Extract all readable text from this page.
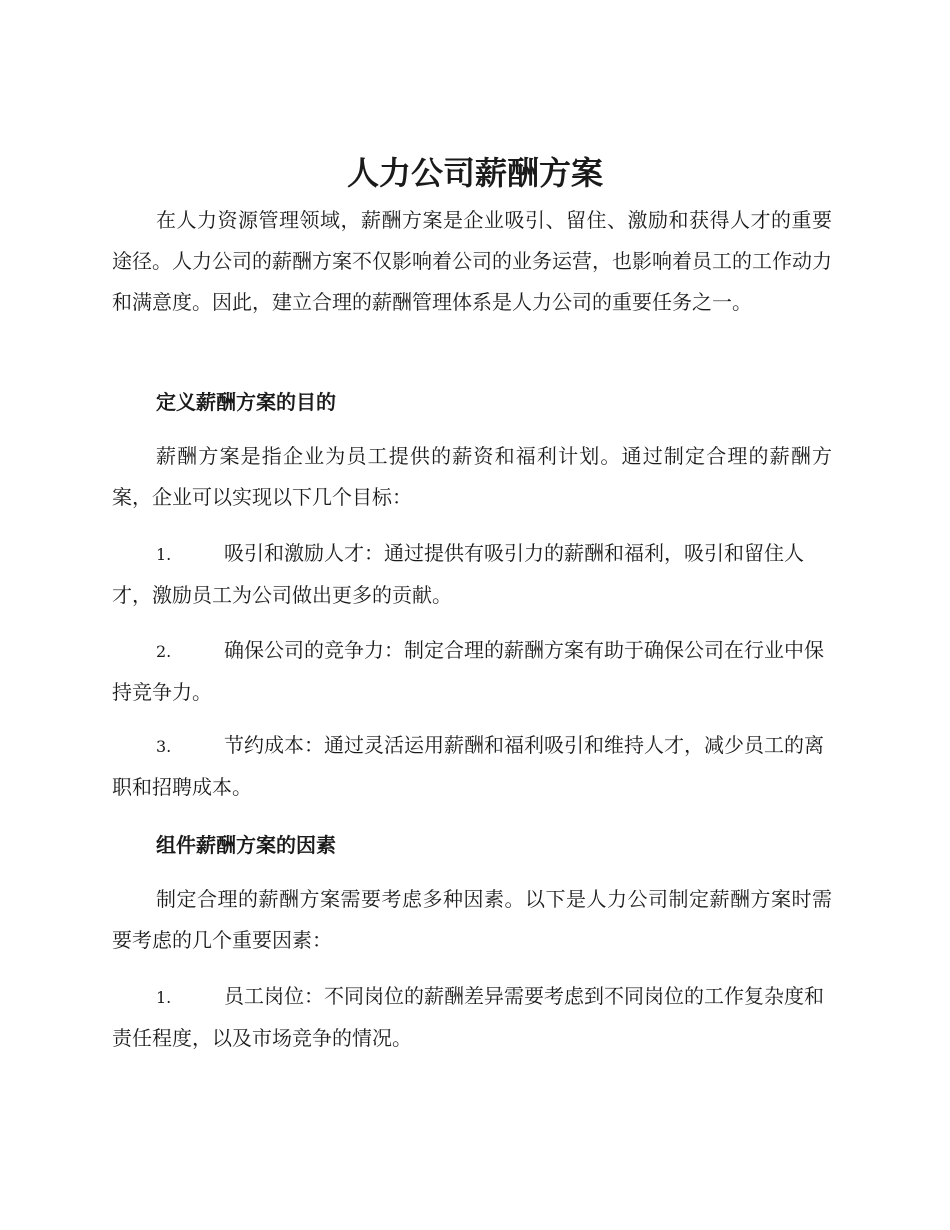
人力公司薪酬方案

在人力资源管理领域，薪酬方案是企业吸引、留住、激励和获得人才的重要途径。人力公司的薪酬方案不仅影响着公司的业务运营，也影响着员工的工作动力和满意度。因此，建立合理的薪酬管理体系是人力公司的重要任务之一。

定义薪酬方案的目的

薪酬方案是指企业为员工提供的薪资和福利计划。通过制定合理的薪酬方案，企业可以实现以下几个目标：

1.	吸引和激励人才：通过提供有吸引力的薪酬和福利，吸引和留住人才，激励员工为公司做出更多的贡献。

2.	确保公司的竞争力：制定合理的薪酬方案有助于确保公司在行业中保持竞争力。

3.	节约成本：通过灵活运用薪酬和福利吸引和维持人才，减少员工的离职和招聘成本。

组件薪酬方案的因素

制定合理的薪酬方案需要考虑多种因素。以下是人力公司制定薪酬方案时需要考虑的几个重要因素：

1.	员工岗位：不同岗位的薪酬差异需要考虑到不同岗位的工作复杂度和责任程度，以及市场竞争的情况。
